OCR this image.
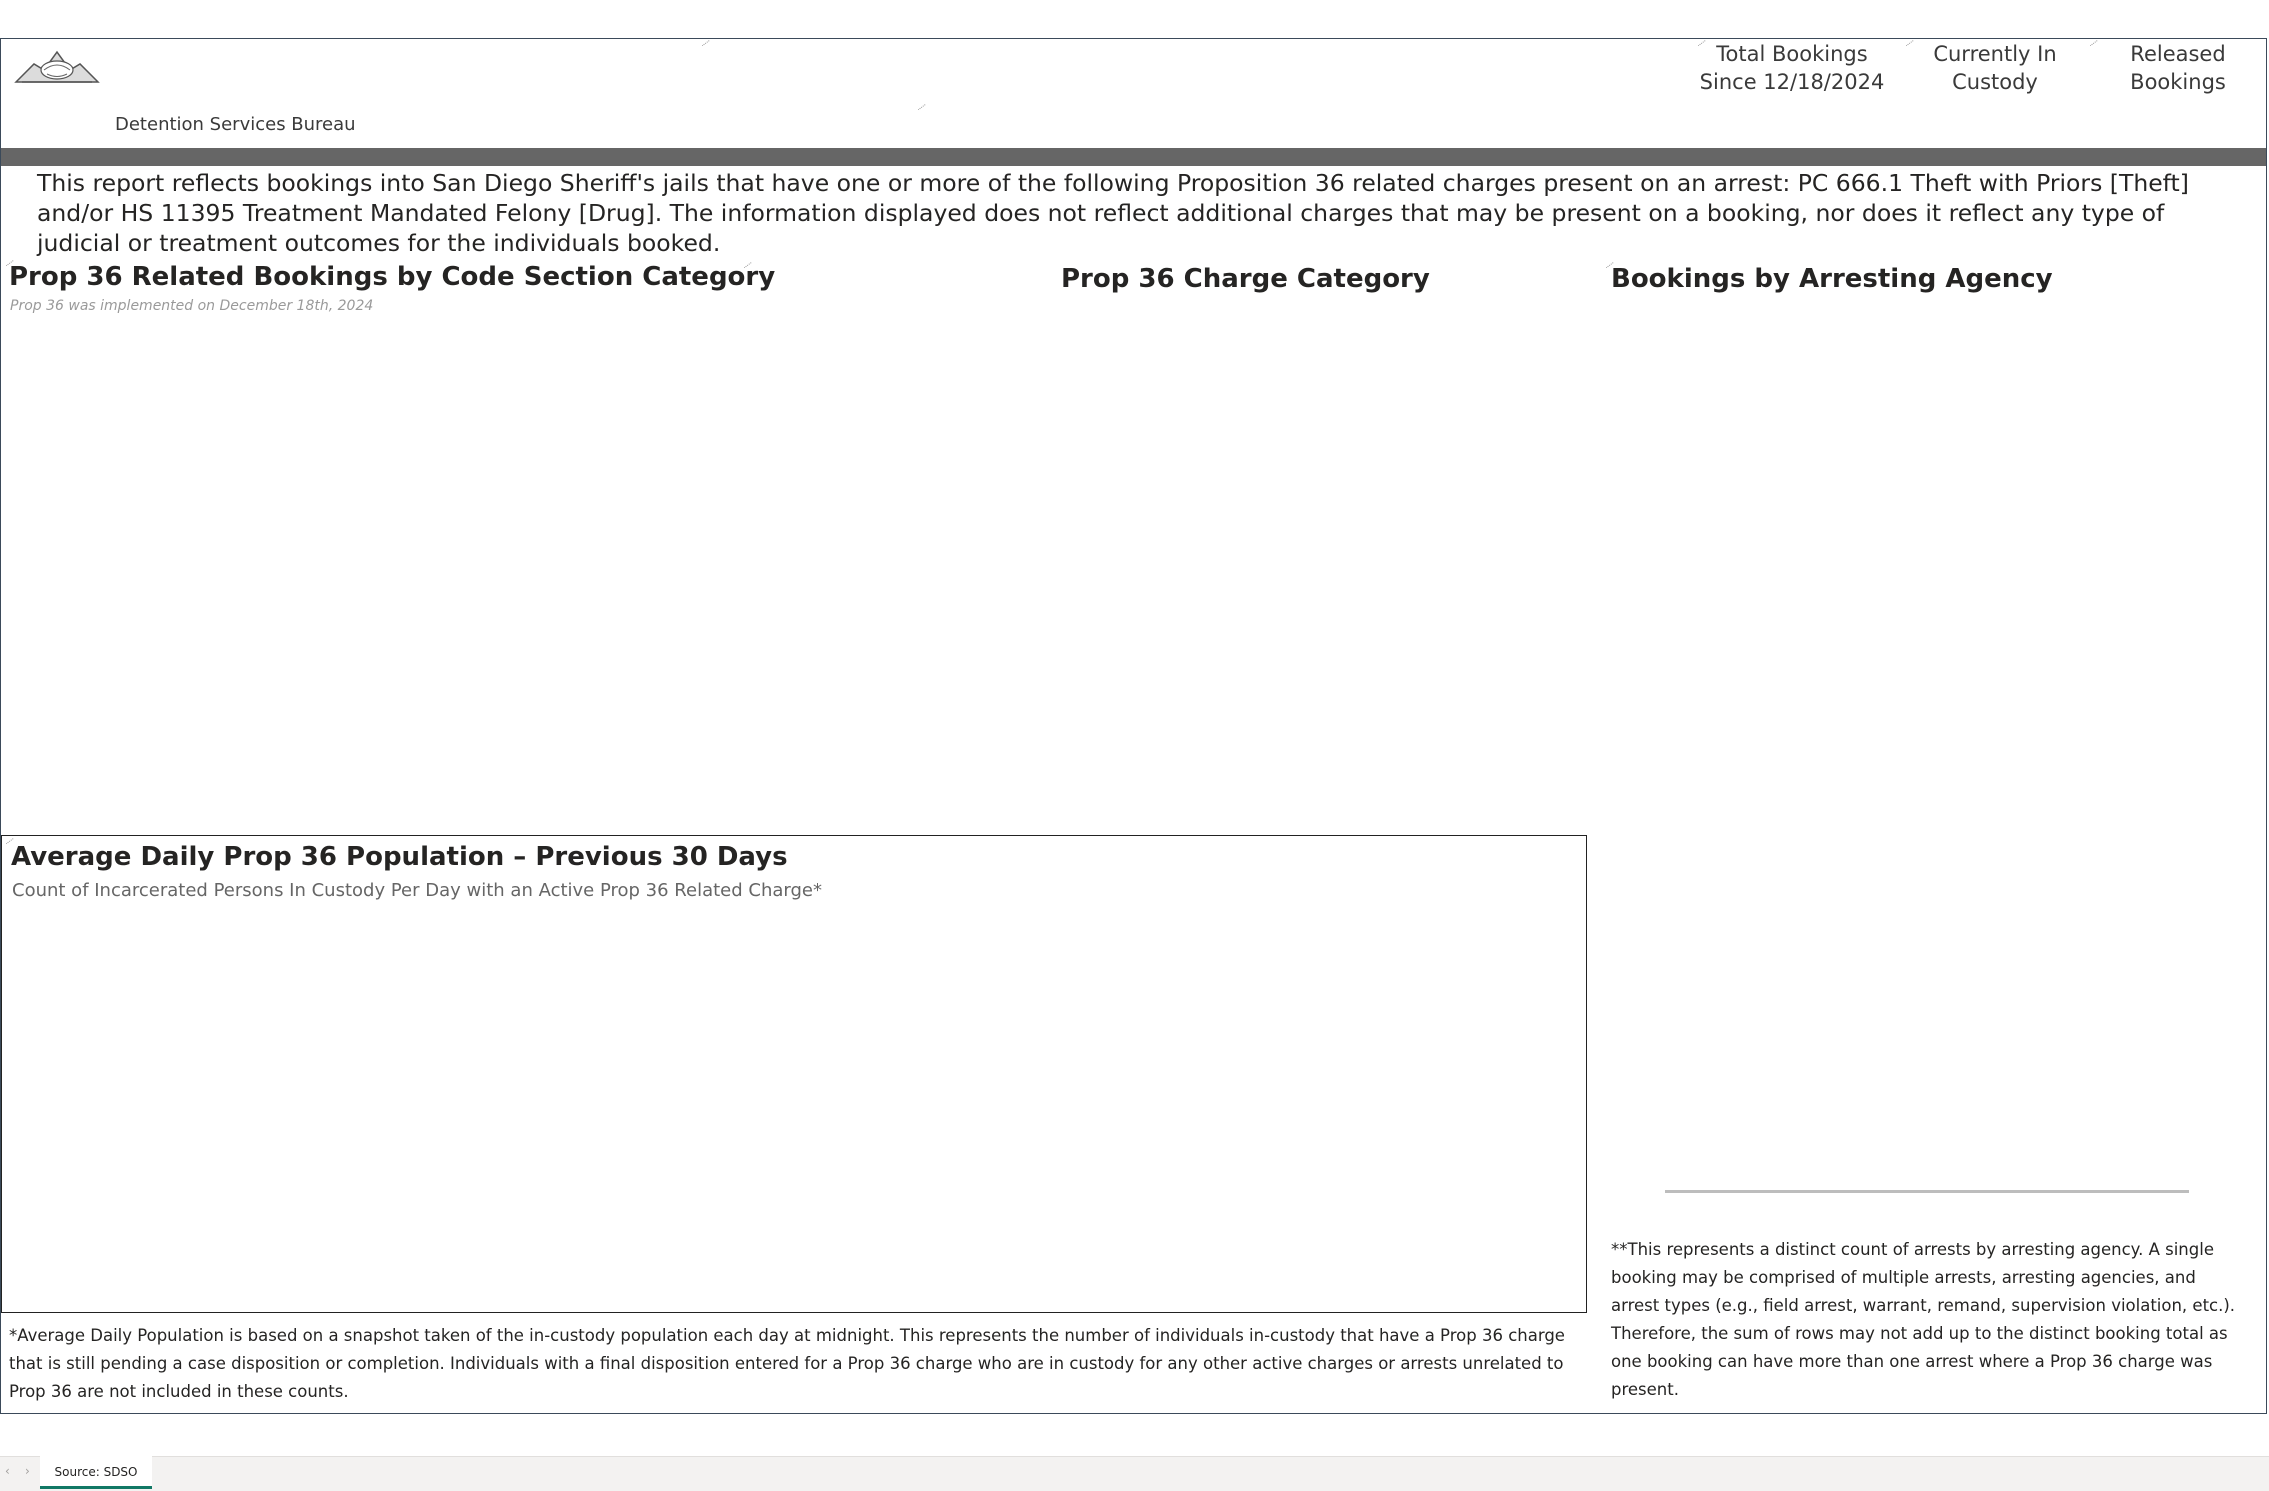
Detention Services Bureau
Total Bookings
Since 12/18/2024
Currently In
Custody
Released
Bookings
This report reflects bookings into San Diego Sheriff's jails that have one or more of the following Proposition 36 related charges present on an arrest: PC 666.1 Theft with Priors [Theft] and/or HS 11395 Treatment Mandated Felony [Drug]. The information displayed does not reflect additional charges that may be present on a booking, nor does it reflect any type of judicial or treatment outcomes for the individuals booked.
Prop 36 Related Bookings by Code Section Category
Prop 36 was implemented on December 18th, 2024
Prop 36 Charge Category	Bookings by Arresting Agency
Average Daily Prop 36 Population – Previous 30 Days
Count of Incarcerated Persons In Custody Per Day with an Active Prop 36 Related Charge*
*Average Daily Population is based on a snapshot taken of the in-custody population each day at midnight. This represents the number of individuals in-custody that have a Prop 36 charge that is still pending a case disposition or completion. Individuals with a final disposition entered for a Prop 36 charge who are in custody for any other active charges or arrests unrelated to Prop 36 are not included in these counts.
**This represents a distinct count of arrests by arresting agency. A single booking may be comprised of multiple arrests, arresting agencies, and arrest types (e.g., field arrest, warrant, remand, supervision violation, etc.). Therefore, the sum of rows may not add up to the distinct booking total as one booking can have more than one arrest where a Prop 36 charge was present.
‹ ›	Source: SDSO
